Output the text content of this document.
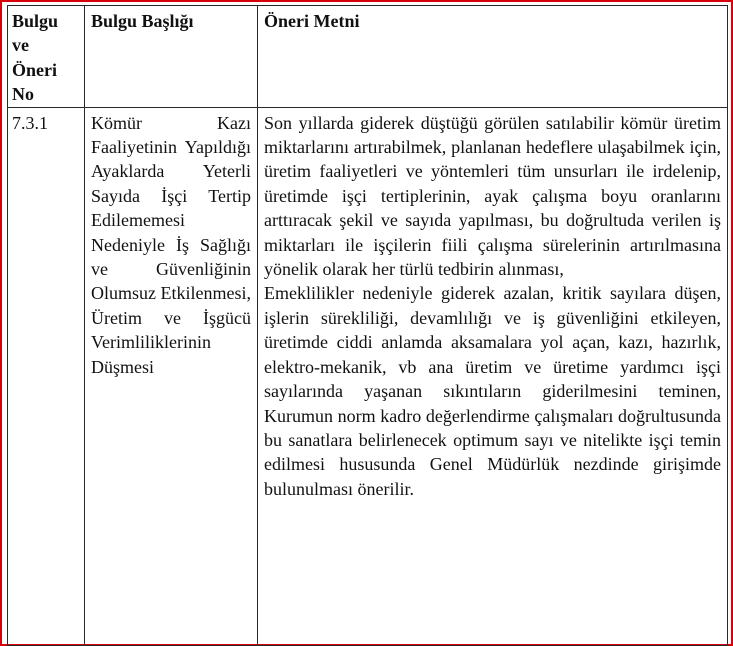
Bulgu ve Öneri No	Bulgu Başlığı	Öneri Metni
7.3.1	Kömür Kazı Faaliyetinin Yapıldığı Ayaklarda Yeterli Sayıda İşçi Tertip Edilememesi Nedeniyle İş Sağlığı ve Güvenliğinin Olumsuz Etkilenmesi, Üretim ve İşgücü Verimliliklerinin Düşmesi	Son yıllarda giderek düştüğü görülen satılabilir kömür üretim miktarlarını artırabilmek, planlanan hedeflere ulaşabilmek için, üretim faaliyetleri ve yöntemleri tüm unsurları ile irdelenip, üretimde işçi tertiplerinin, ayak çalışma boyu oranlarını arttıracak şekil ve sayıda yapılması, bu doğrultuda verilen iş miktarları ile işçilerin fiili çalışma sürelerinin artırılmasına yönelik olarak her türlü tedbirin alınması,
Emeklilikler nedeniyle giderek azalan, kritik sayılara düşen, işlerin sürekliliği, devamlılığı ve iş güvenliğini etkileyen, üretimde ciddi anlamda aksamalara yol açan, kazı, hazırlık, elektro-mekanik, vb ana üretim ve üretime yardımcı işçi sayılarında yaşanan sıkıntıların giderilmesini teminen, Kurumun norm kadro değerlendirme çalışmaları doğrultusunda bu sanatlara belirlenecek optimum sayı ve nitelikte işçi temin edilmesi hususunda Genel Müdürlük nezdinde girişimde bulunulması önerilir.
